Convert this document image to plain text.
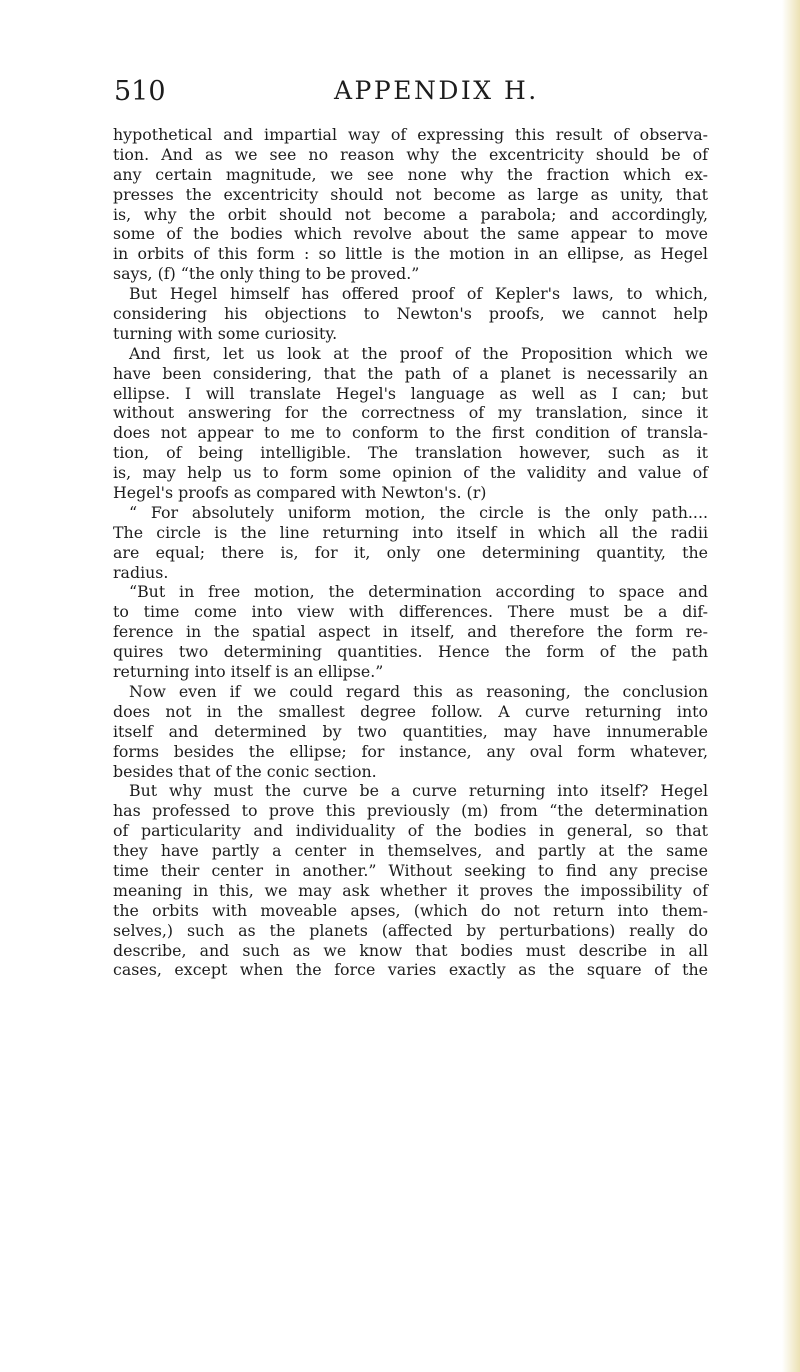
510	APPENDIX H.
hypothetical and impartial way of expressing this result of observa-
tion. And as we see no reason why the excentricity should be of
any certain magnitude, we see none why the fraction which ex-
presses the excentricity should not become as large as unity, that
is, why the orbit should not become a parabola; and accordingly,
some of the bodies which revolve about the same appear to move
in orbits of this form : so little is the motion in an ellipse, as Hegel
says, (f) “the only thing to be proved.”
But Hegel himself has offered proof of Kepler's laws, to which,
considering his objections to Newton's proofs, we cannot help
turning with some curiosity.
And first, let us look at the proof of the Proposition which we
have been considering, that the path of a planet is necessarily an
ellipse. I will translate Hegel's language as well as I can; but
without answering for the correctness of my translation, since it
does not appear to me to conform to the first condition of transla-
tion, of being intelligible. The translation however, such as it
is, may help us to form some opinion of the validity and value of
Hegel's proofs as compared with Newton's. (r)
“ For absolutely uniform motion, the circle is the only path....
The circle is the line returning into itself in which all the radii
are equal; there is, for it, only one determining quantity, the
radius.
“But in free motion, the determination according to space and
to time come into view with differences. There must be a dif-
ference in the spatial aspect in itself, and therefore the form re-
quires two determining quantities. Hence the form of the path
returning into itself is an ellipse.”
Now even if we could regard this as reasoning, the conclusion
does not in the smallest degree follow. A curve returning into
itself and determined by two quantities, may have innumerable
forms besides the ellipse; for instance, any oval form whatever,
besides that of the conic section.
But why must the curve be a curve returning into itself? Hegel
has professed to prove this previously (m) from “the determination
of particularity and individuality of the bodies in general, so that
they have partly a center in themselves, and partly at the same
time their center in another.” Without seeking to find any precise
meaning in this, we may ask whether it proves the impossibility of
the orbits with moveable apses, (which do not return into them-
selves,) such as the planets (affected by perturbations) really do
describe, and such as we know that bodies must describe in all
cases, except when the force varies exactly as the square of the
